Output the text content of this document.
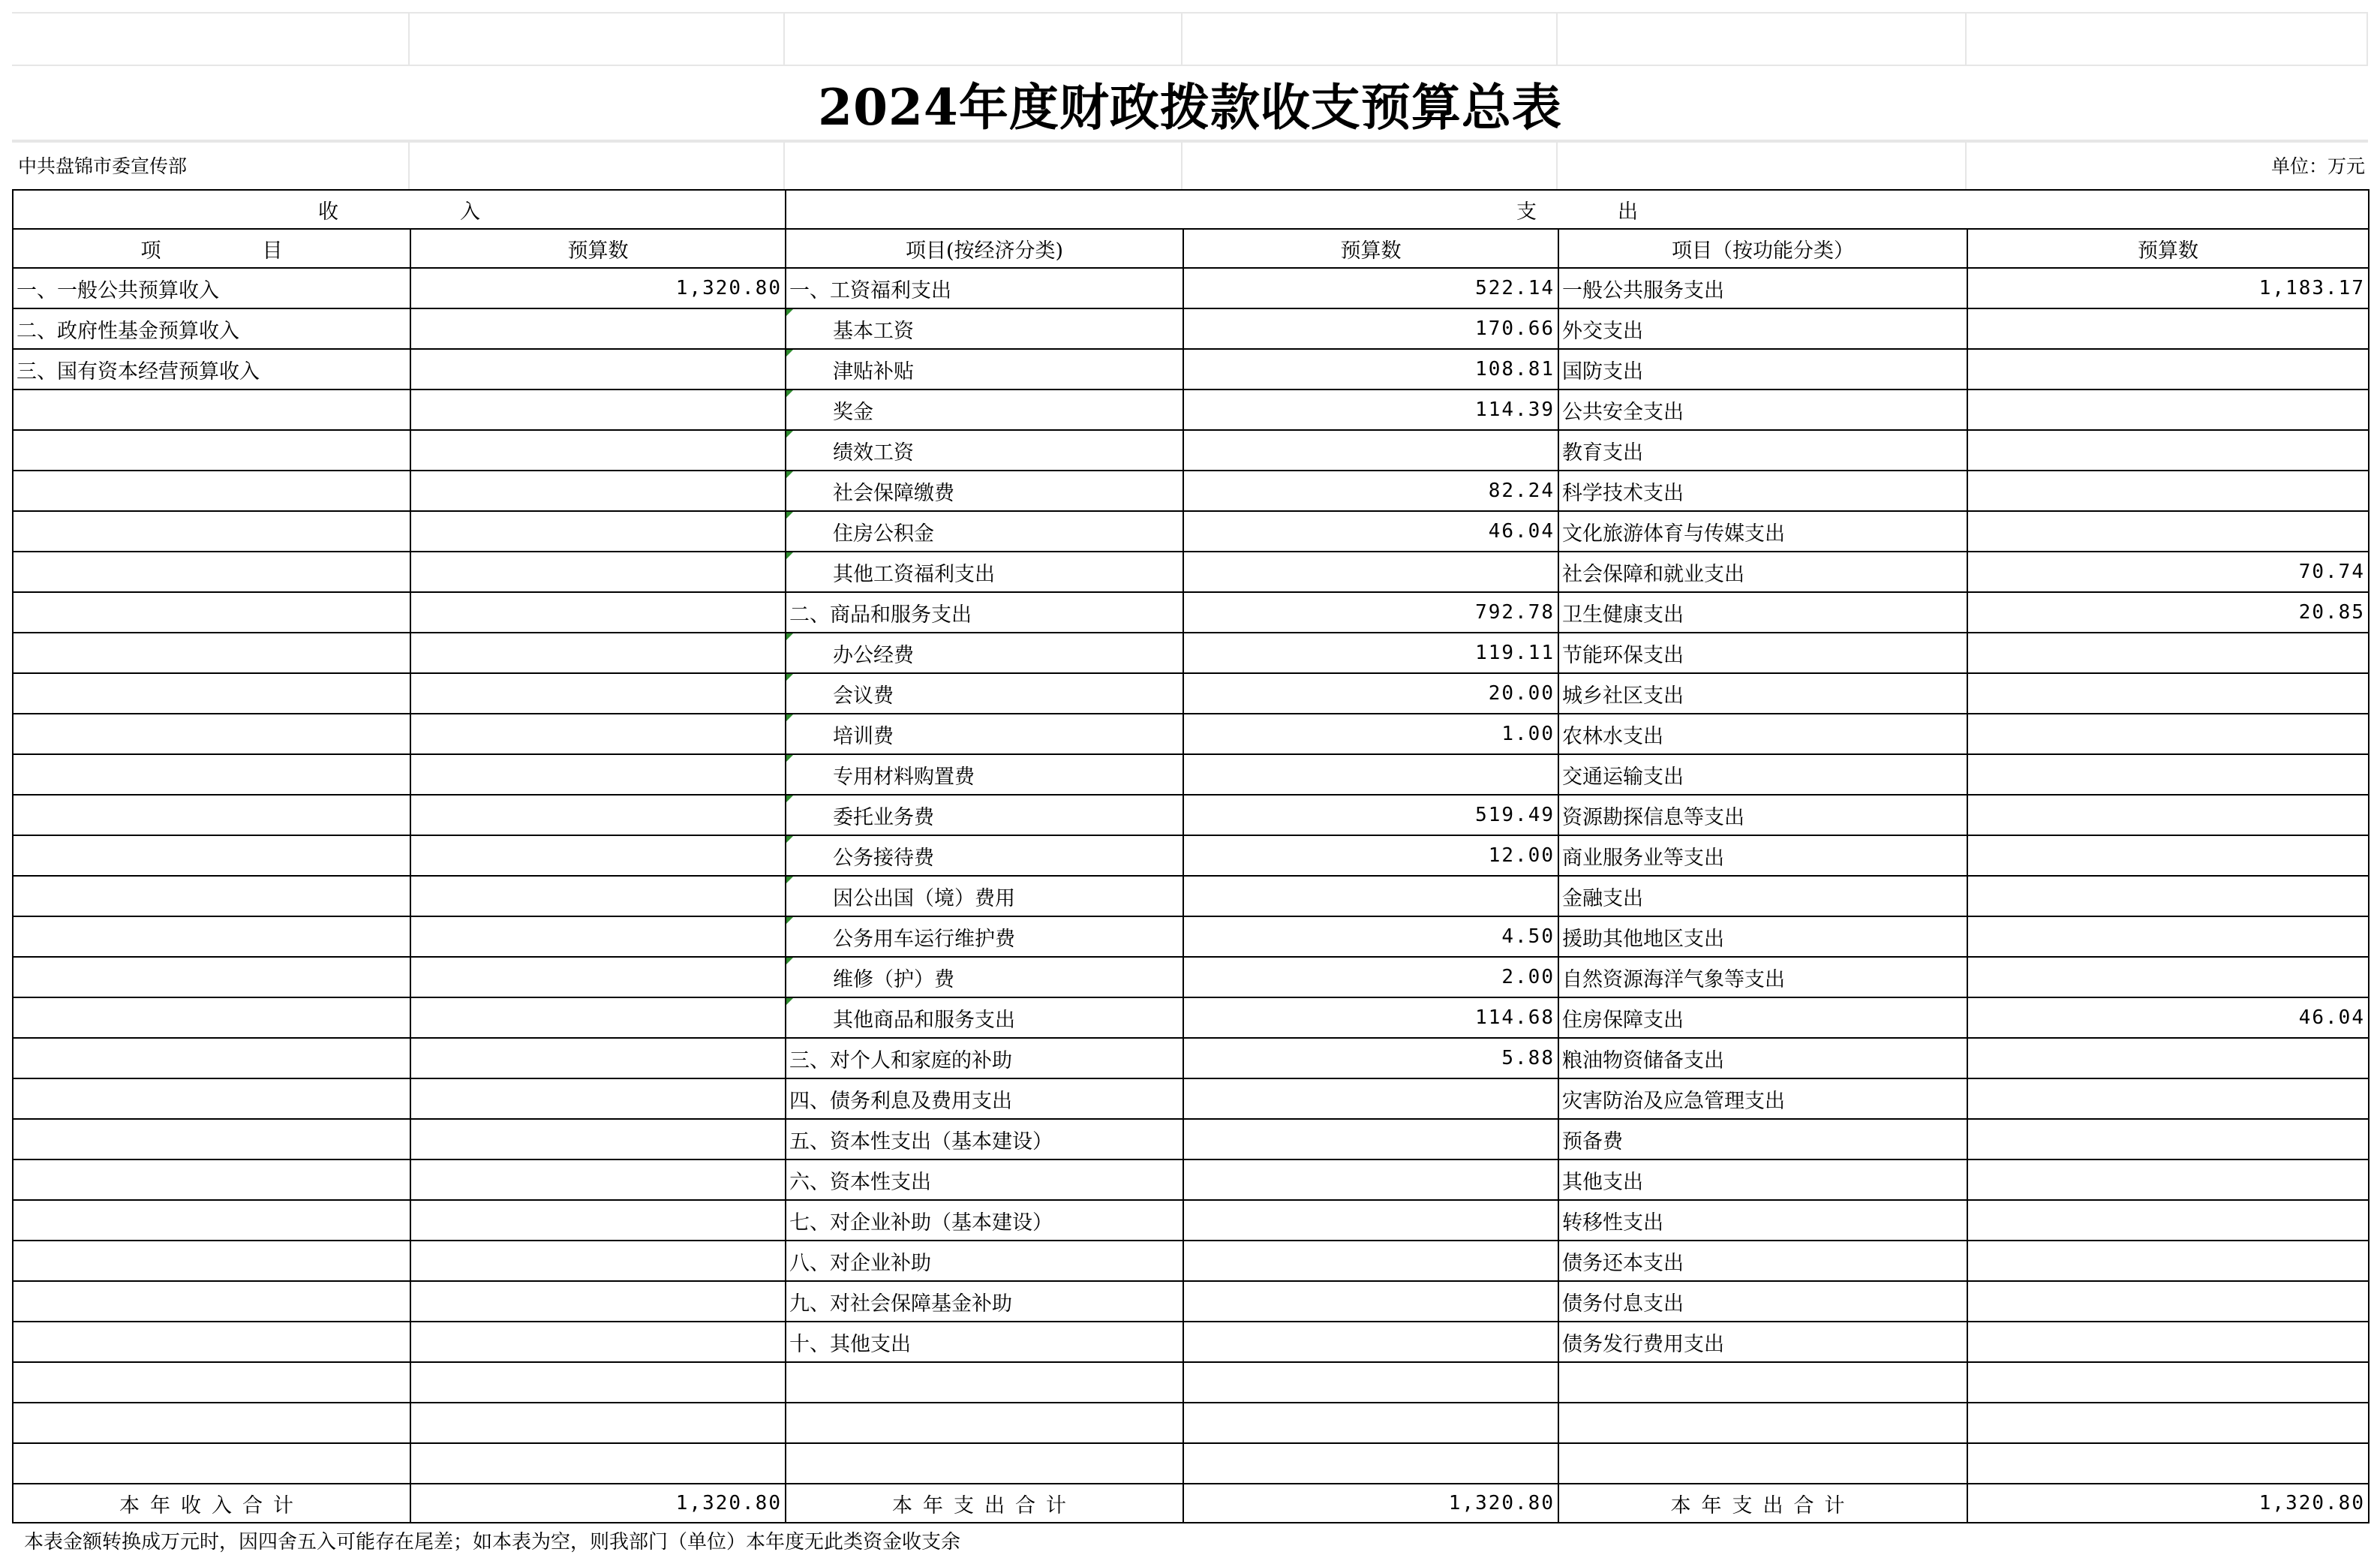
2024年度财政拨款收支预算总表
中共盘锦市委宣传部	单位：万元
收　　　　　　入		支　　　　出			
项　　　　　目	预算数	项目(按经济分类)	预算数	项目（按功能分类）	预算数
一、一般公共预算收入	1,320.80	一、工资福利支出	522.14	一般公共服务支出	1,183.17
二、政府性基金预算收入		基本工资	170.66	外交支出	
三、国有资本经营预算收入		津贴补贴	108.81	国防支出	
		奖金	114.39	公共安全支出	
		绩效工资		教育支出	
		社会保障缴费	82.24	科学技术支出	
		住房公积金	46.04	文化旅游体育与传媒支出	
		其他工资福利支出		社会保障和就业支出	70.74
		二、商品和服务支出	792.78	卫生健康支出	20.85
		办公经费	119.11	节能环保支出	
		会议费	20.00	城乡社区支出	
		培训费	1.00	农林水支出	
		专用材料购置费		交通运输支出	
		委托业务费	519.49	资源勘探信息等支出	
		公务接待费	12.00	商业服务业等支出	
		因公出国（境）费用		金融支出	
		公务用车运行维护费	4.50	援助其他地区支出	
		维修（护）费	2.00	自然资源海洋气象等支出	
		其他商品和服务支出	114.68	住房保障支出	46.04
		三、对个人和家庭的补助	5.88	粮油物资储备支出	
		四、债务利息及费用支出		灾害防治及应急管理支出	
		五、资本性支出（基本建设）		预备费	
		六、资本性支出		其他支出	
		七、对企业补助（基本建设）		转移性支出	
		八、对企业补助		债务还本支出	
		九、对社会保障基金补助		债务付息支出	
		十、其他支出		债务发行费用支出	

本年收入合计	1,320.80	本年支出合计	1,320.80	本年支出合计	1,320.80
本表金额转换成万元时，因四舍五入可能存在尾差；如本表为空，则我部门（单位）本年度无此类资金收支余
